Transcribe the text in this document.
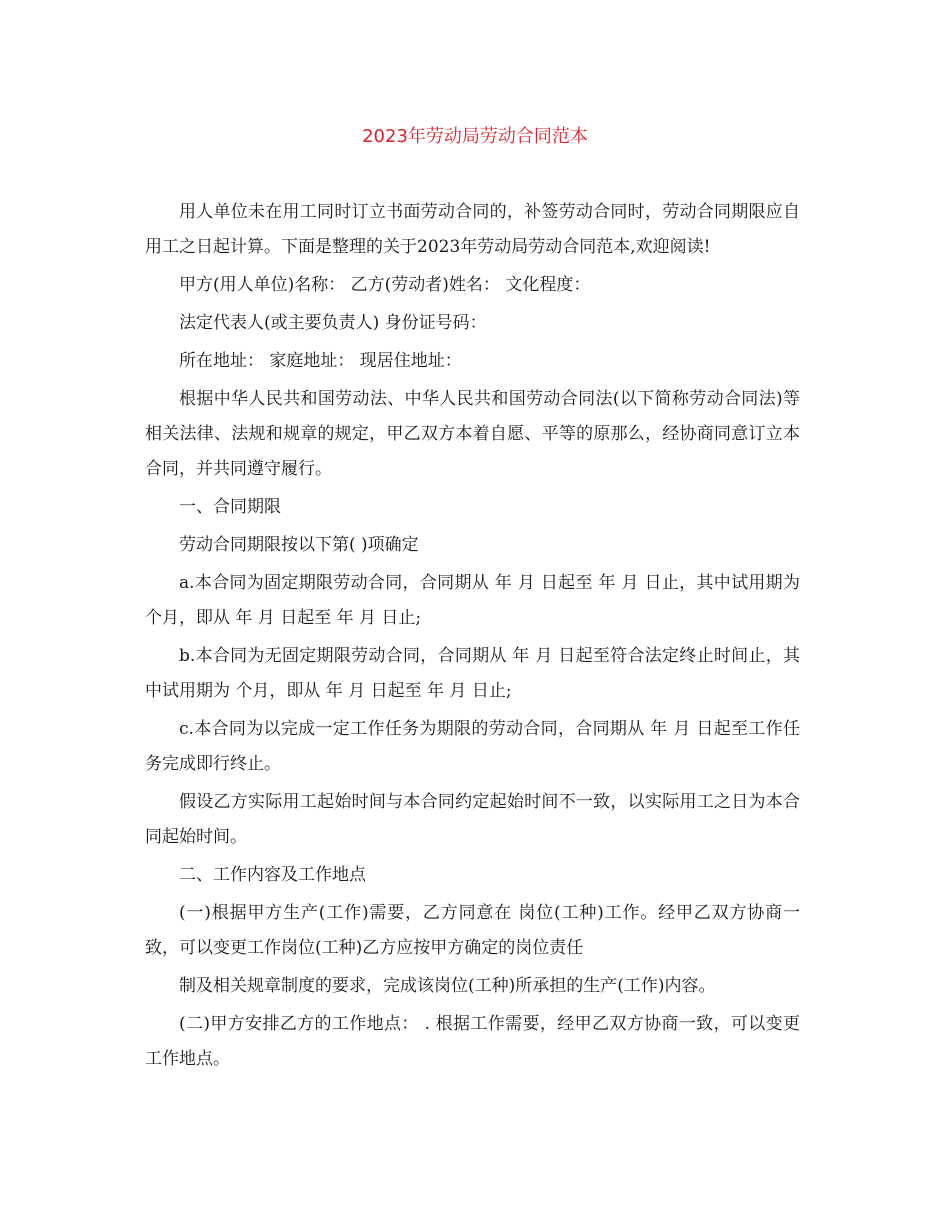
2023年劳动局劳动合同范本

用人单位未在用工同时订立书面劳动合同的，补签劳动合同时，劳动合同期限应自用工之日起计算。下面是整理的关于2023年劳动局劳动合同范本,欢迎阅读!

甲方(用人单位)名称： 乙方(劳动者)姓名： 文化程度：

法定代表人(或主要负责人) 身份证号码：

所在地址： 家庭地址： 现居住地址：

根据中华人民共和国劳动法、中华人民共和国劳动合同法(以下简称劳动合同法)等相关法律、法规和规章的规定，甲乙双方本着自愿、平等的原那么，经协商同意订立本合同，并共同遵守履行。

一、合同期限

劳动合同期限按以下第( )项确定

a.本合同为固定期限劳动合同，合同期从 年 月 日起至 年 月 日止，其中试用期为 个月，即从 年 月 日起至 年 月 日止;

b.本合同为无固定期限劳动合同，合同期从 年 月 日起至符合法定终止时间止，其中试用期为 个月，即从 年 月 日起至 年 月 日止;

c.本合同为以完成一定工作任务为期限的劳动合同，合同期从 年 月 日起至工作任务完成即行终止。

假设乙方实际用工起始时间与本合同约定起始时间不一致，以实际用工之日为本合同起始时间。

二、工作内容及工作地点

(一)根据甲方生产(工作)需要，乙方同意在 岗位(工种)工作。经甲乙双方协商一致，可以变更工作岗位(工种)乙方应按甲方确定的岗位责任

制及相关规章制度的要求，完成该岗位(工种)所承担的生产(工作)内容。

(二)甲方安排乙方的工作地点： . 根据工作需要，经甲乙双方协商一致，可以变更工作地点。
